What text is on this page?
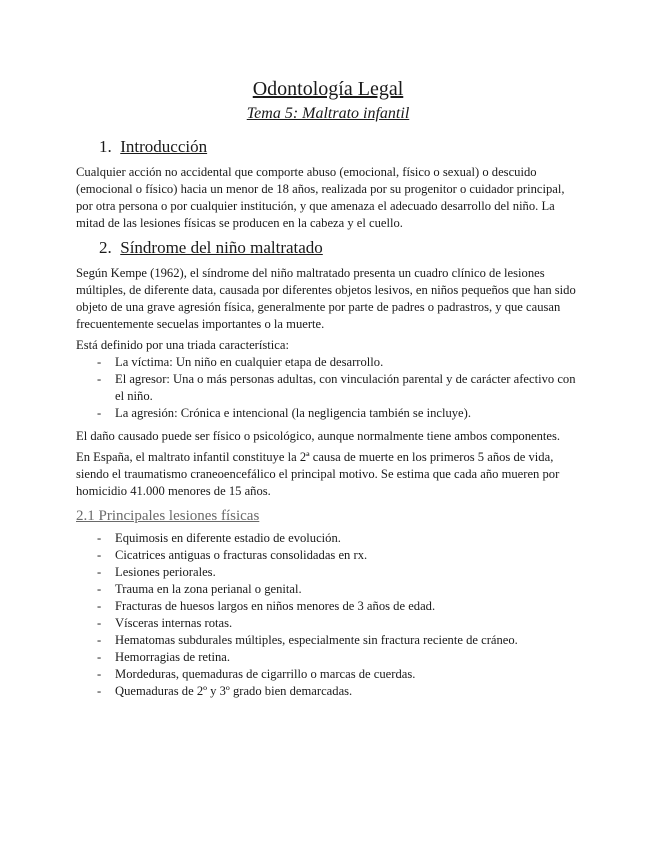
Odontología Legal
Tema 5: Maltrato infantil
1. Introducción

Cualquier acción no accidental que comporte abuso (emocional, físico o sexual) o descuido (emocional o físico) hacia un menor de 18 años, realizada por su progenitor o cuidador principal, por otra persona o por cualquier institución, y que amenaza el adecuado desarrollo del niño. La mitad de las lesiones físicas se producen en la cabeza y el cuello.

2. Síndrome del niño maltratado

Según Kempe (1962), el síndrome del niño maltratado presenta un cuadro clínico de lesiones múltiples, de diferente data, causada por diferentes objetos lesivos, en niños pequeños que han sido objeto de una grave agresión física, generalmente por parte de padres o padrastros, y que causan frecuentemente secuelas importantes o la muerte.

Está definido por una triada característica:

- La víctima: Un niño en cualquier etapa de desarrollo.
- El agresor: Una o más personas adultas, con vinculación parental y de carácter afectivo con el niño.
- La agresión: Crónica e intencional (la negligencia también se incluye).

El daño causado puede ser físico o psicológico, aunque normalmente tiene ambos componentes.

En España, el maltrato infantil constituye la 2ª causa de muerte en los primeros 5 años de vida, siendo el traumatismo craneoencefálico el principal motivo. Se estima que cada año mueren por homicidio 41.000 menores de 15 años.

2.1 Principales lesiones físicas
- Equimosis en diferente estadio de evolución.
- Cicatrices antiguas o fracturas consolidadas en rx.
- Lesiones periorales.
- Trauma en la zona perianal o genital.
- Fracturas de huesos largos en niños menores de 3 años de edad.
- Vísceras internas rotas.
- Hematomas subdurales múltiples, especialmente sin fractura reciente de cráneo.
- Hemorragias de retina.
- Mordeduras, quemaduras de cigarrillo o marcas de cuerdas.
- Quemaduras de 2º y 3º grado bien demarcadas.
